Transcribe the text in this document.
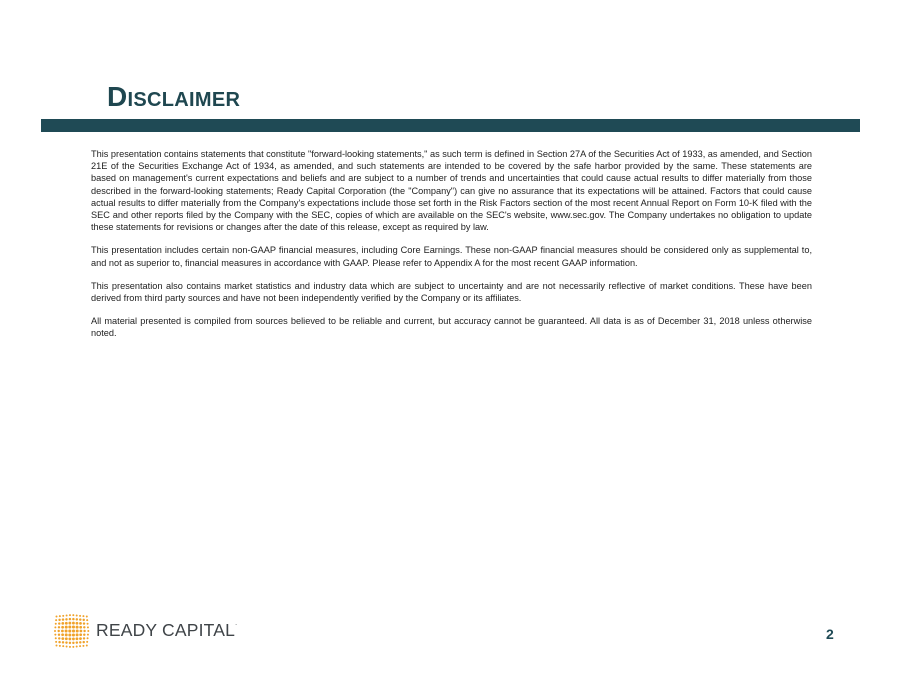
DISCLAIMER

This presentation contains statements that constitute "forward-looking statements," as such term is defined in Section 27A of the Securities Act of 1933, as amended, and Section 21E of the Securities Exchange Act of 1934, as amended, and such statements are intended to be covered by the safe harbor provided by the same. These statements are based on management's current expectations and beliefs and are subject to a number of trends and uncertainties that could cause actual results to differ materially from those described in the forward-looking statements; Ready Capital Corporation (the "Company") can give no assurance that its expectations will be attained. Factors that could cause actual results to differ materially from the Company's expectations include those set forth in the Risk Factors section of the most recent Annual Report on Form 10-K filed with the SEC and other reports filed by the Company with the SEC, copies of which are available on the SEC's website, www.sec.gov. The Company undertakes no obligation to update these statements for revisions or changes after the date of this release, except as required by law.

This presentation includes certain non-GAAP financial measures, including Core Earnings. These non-GAAP financial measures should be considered only as supplemental to, and not as superior to, financial measures in accordance with GAAP. Please refer to Appendix A for the most recent GAAP information.

This presentation also contains market statistics and industry data which are subject to uncertainty and are not necessarily reflective of market conditions. These have been derived from third party sources and have not been independently verified by the Company or its affiliates.

All material presented is compiled from sources believed to be reliable and current, but accuracy cannot be guaranteed. All data is as of December 31, 2018 unless otherwise noted.

READY CAPITAL.
2
